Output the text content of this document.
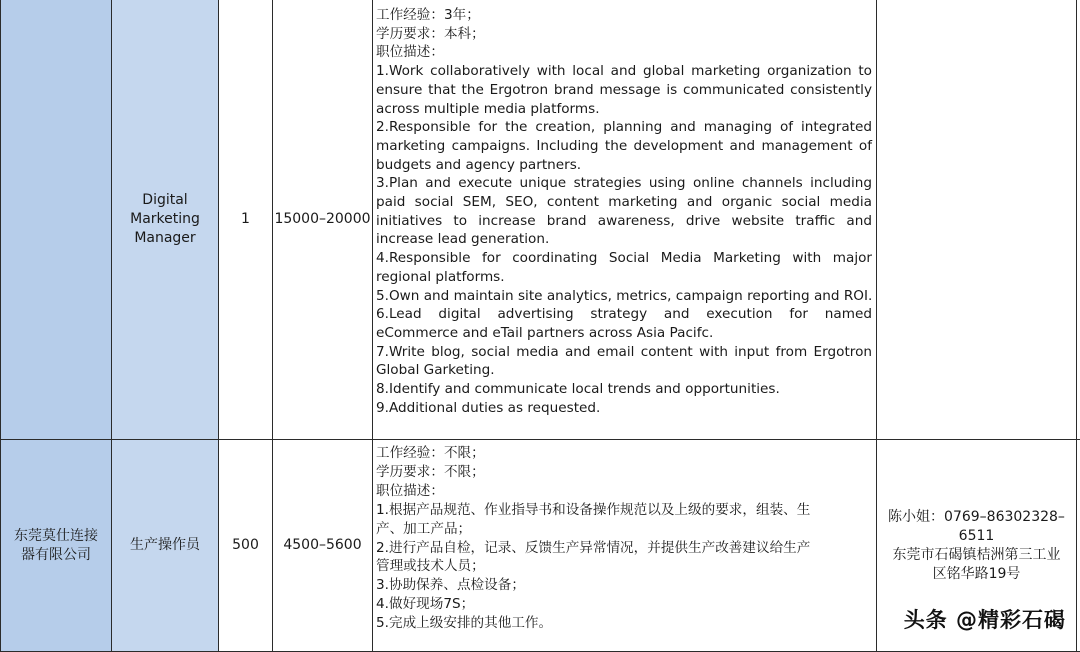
Digital
Marketing
Manager
1 15000–20000
工作经验：3年；
学历要求：本科；
职位描述：
1.Work collaboratively with local and global marketing organization to
ensure that the Ergotron brand message is communicated consistently
across multiple media platforms.
2.Responsible for the creation, planning and managing of integrated
marketing campaigns. Including the development and management of
budgets and agency partners.
3.Plan and execute unique strategies using online channels including
paid social SEM, SEO, content marketing and organic social media
initiatives to increase brand awareness, drive website traffic and
increase lead generation.
4.Responsible for coordinating Social Media Marketing with major
regional platforms.
5.Own and maintain site analytics, metrics, campaign reporting and ROI.
6.Lead digital advertising strategy and execution for named
eCommerce and eTail partners across Asia Pacifc.
7.Write blog, social media and email content with input from Ergotron
Global Garketing.
8.Identify and communicate local trends and opportunities.
9.Additional duties as requested.
东莞莫仕连接
器有限公司
生产操作员 500 4500–5600
工作经验：不限；
学历要求：不限；
职位描述：
1.根据产品规范、作业指导书和设备操作规范以及上级的要求，组装、生
产、加工产品；
2.进行产品自检，记录、反馈生产异常情况，并提供生产改善建议给生产
管理或技术人员；
3.协助保养、点检设备；
4.做好现场7S；
5.完成上级安排的其他工作。
陈小姐：0769–86302328–
6511
东莞市石碣镇桔洲第三工业
区铭华路19号
头条 @精彩石碣
